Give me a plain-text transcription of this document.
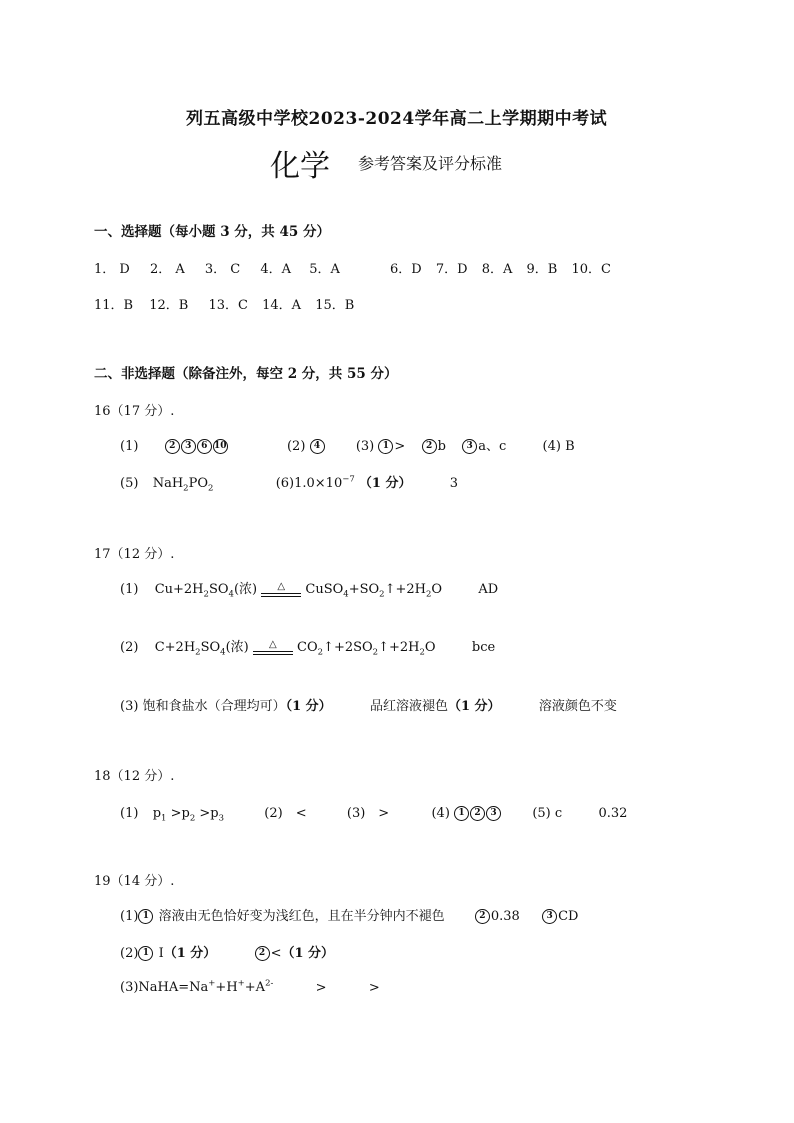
列五高级中学校2023-2024学年高二上学期期中考试
化学 参考答案及评分标准
一、选择题（每小题 3 分，共 45 分）
1． D 2． A 3． C 4．A 5．A	6．D 7．D 8．A 9．B 10．C
11．B 12．B 13．C 14．A 15．B
二、非选择题（除备注外，每空 2 分，共 55 分）
16（17 分）.
(1)	2 3 6 10	(2) 4	(3) 1 > 2 b 3 a、c	(4) B
(5) $NaH_2PO_2$	$(6)1.0\times 10^{-7}$ （1 分）	3
17（12 分）.
(1) $Cu+2H_2SO_4$(浓)	△	$CuSO_4+SO_2↑+2H_2O$	AD
(2) $C+2H_2SO_4$(浓)	△	$CO_2↑+2SO_2↑+2H_2O$	bce
(3) 饱和食盐水（合理均可）（1 分）	品红溶液褪色（1 分）	溶液颜色不变
18（12 分）.
(1) $p_1 >p_2 >p_3$	(2)　<	(3)　>	(4) 1 2 3	(5) c	0.32
19（14 分）.
(1) 1 溶液由无色恰好变为浅红色，且在半分钟内不褪色	2 0.38	3 CD
(2) 1 I（1 分）	2 <（1 分）
$(3)NaHA=Na^++H^++A^{2-}$	>	>
